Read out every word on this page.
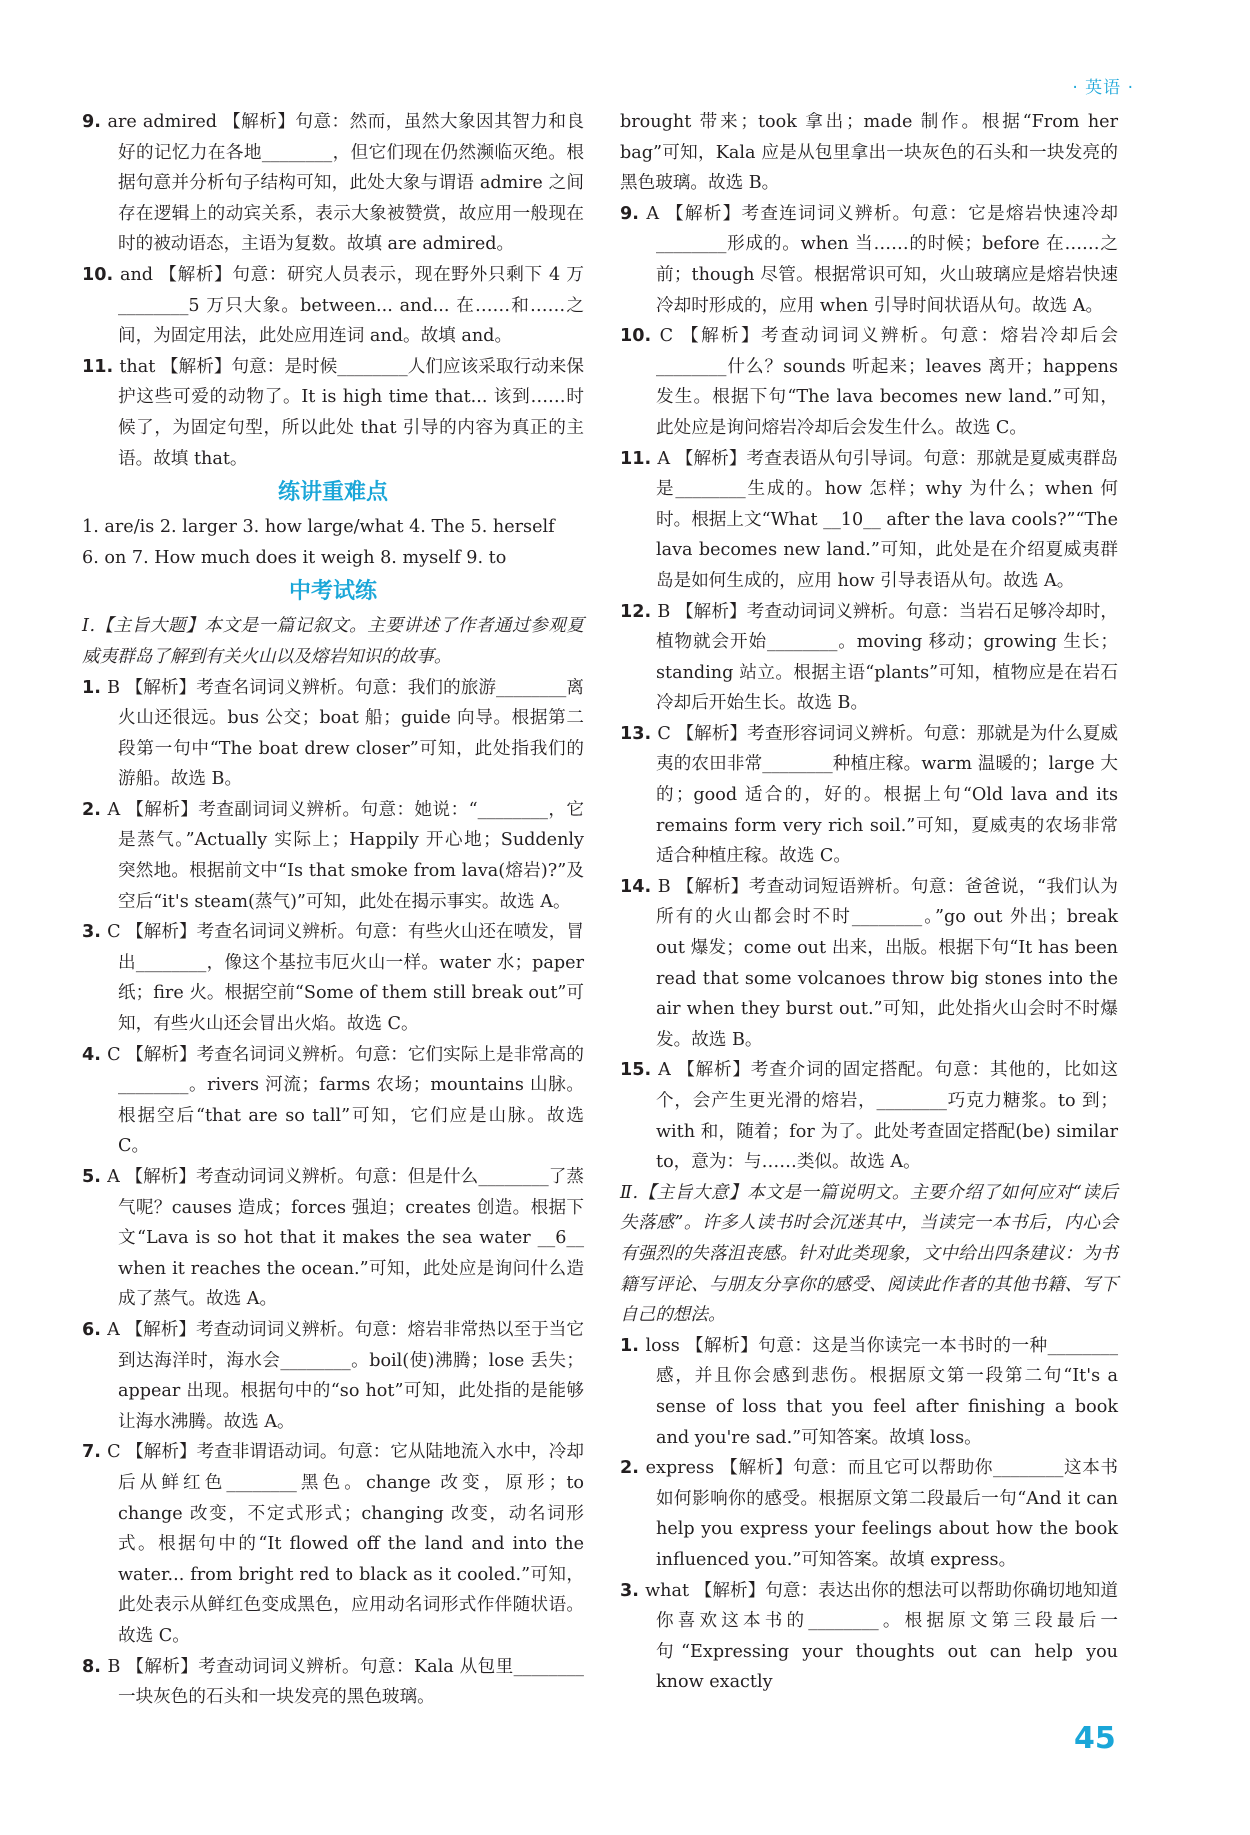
· 英语 ·
9. are admired 【解析】句意：然而，虽然大象因其智力和良好的记忆力在各地________，但它们现在仍然濒临灭绝。根据句意并分析句子结构可知，此处大象与谓语 admire 之间存在逻辑上的动宾关系，表示大象被赞赏，故应用一般现在时的被动语态，主语为复数。故填 are admired。
10. and 【解析】句意：研究人员表示，现在野外只剩下 4 万________5 万只大象。between... and... 在……和……之间，为固定用法，此处应用连词 and。故填 and。
11. that 【解析】句意：是时候________人们应该采取行动来保护这些可爱的动物了。It is high time that... 该到……时候了，为固定句型，所以此处 that 引导的内容为真正的主语。故填 that。
练讲重难点
1. are/is 2. larger 3. how large/what 4. The 5. herself
6. on 7. How much does it weigh 8. myself 9. to
中考试练
Ⅰ.【主旨大题】本文是一篇记叙文。主要讲述了作者通过参观夏威夷群岛了解到有关火山以及熔岩知识的故事。
1. B 【解析】考查名词词义辨析。句意：我们的旅游________离火山还很远。bus 公交；boat 船；guide 向导。根据第二段第一句中“The boat drew closer”可知，此处指我们的游船。故选 B。
2. A 【解析】考查副词词义辨析。句意：她说：“________，它是蒸气。”Actually 实际上；Happily 开心地；Suddenly 突然地。根据前文中“Is that smoke from lava(熔岩)?”及空后“it's steam(蒸气)”可知，此处在揭示事实。故选 A。
3. C 【解析】考查名词词义辨析。句意：有些火山还在喷发，冒出________，像这个基拉韦厄火山一样。water 水；paper 纸；fire 火。根据空前“Some of them still break out”可知，有些火山还会冒出火焰。故选 C。
4. C 【解析】考查名词词义辨析。句意：它们实际上是非常高的________。rivers 河流；farms 农场；mountains 山脉。根据空后“that are so tall”可知，它们应是山脉。故选 C。
5. A 【解析】考查动词词义辨析。句意：但是什么________了蒸气呢？causes 造成；forces 强迫；creates 创造。根据下文“Lava is so hot that it makes the sea water __6__ when it reaches the ocean.”可知，此处应是询问什么造成了蒸气。故选 A。
6. A 【解析】考查动词词义辨析。句意：熔岩非常热以至于当它到达海洋时，海水会________。boil(使)沸腾；lose 丢失；appear 出现。根据句中的“so hot”可知，此处指的是能够让海水沸腾。故选 A。
7. C 【解析】考查非谓语动词。句意：它从陆地流入水中，冷却后从鲜红色________黑色。change 改变，原形；to change 改变，不定式形式；changing 改变，动名词形式。根据句中的“It flowed off the land and into the water... from bright red to black as it cooled.”可知，此处表示从鲜红色变成黑色，应用动名词形式作伴随状语。故选 C。
8. B 【解析】考查动词词义辨析。句意：Kala 从包里________一块灰色的石头和一块发亮的黑色玻璃。
brought 带来；took 拿出；made 制作。根据“From her bag”可知，Kala 应是从包里拿出一块灰色的石头和一块发亮的黑色玻璃。故选 B。
9. A 【解析】考查连词词义辨析。句意：它是熔岩快速冷却________形成的。when 当……的时候；before 在……之前；though 尽管。根据常识可知，火山玻璃应是熔岩快速冷却时形成的，应用 when 引导时间状语从句。故选 A。
10. C 【解析】考查动词词义辨析。句意：熔岩冷却后会________什么？sounds 听起来；leaves 离开；happens 发生。根据下句“The lava becomes new land.”可知，此处应是询问熔岩冷却后会发生什么。故选 C。
11. A 【解析】考查表语从句引导词。句意：那就是夏威夷群岛是________生成的。how 怎样；why 为什么；when 何时。根据上文“What __10__ after the lava cools?”“The lava becomes new land.”可知，此处是在介绍夏威夷群岛是如何生成的，应用 how 引导表语从句。故选 A。
12. B 【解析】考查动词词义辨析。句意：当岩石足够冷却时，植物就会开始________。moving 移动；growing 生长；standing 站立。根据主语“plants”可知，植物应是在岩石冷却后开始生长。故选 B。
13. C 【解析】考查形容词词义辨析。句意：那就是为什么夏威夷的农田非常________种植庄稼。warm 温暖的；large 大的；good 适合的，好的。根据上句“Old lava and its remains form very rich soil.”可知，夏威夷的农场非常适合种植庄稼。故选 C。
14. B 【解析】考查动词短语辨析。句意：爸爸说，“我们认为所有的火山都会时不时________。”go out 外出；break out 爆发；come out 出来，出版。根据下句“It has been read that some volcanoes throw big stones into the air when they burst out.”可知，此处指火山会时不时爆发。故选 B。
15. A 【解析】考查介词的固定搭配。句意：其他的，比如这个，会产生更光滑的熔岩，________巧克力糖浆。to 到；with 和，随着；for 为了。此处考查固定搭配(be) similar to，意为：与……类似。故选 A。
Ⅱ.【主旨大意】本文是一篇说明文。主要介绍了如何应对“读后失落感”。许多人读书时会沉迷其中，当读完一本书后，内心会有强烈的失落沮丧感。针对此类现象，文中给出四条建议：为书籍写评论、与朋友分享你的感受、阅读此作者的其他书籍、写下自己的想法。
1. loss 【解析】句意：这是当你读完一本书时的一种________感，并且你会感到悲伤。根据原文第一段第二句“It's a sense of loss that you feel after finishing a book and you're sad.”可知答案。故填 loss。
2. express 【解析】句意：而且它可以帮助你________这本书如何影响你的感受。根据原文第二段最后一句“And it can help you express your feelings about how the book influenced you.”可知答案。故填 express。
3. what 【解析】句意：表达出你的想法可以帮助你确切地知道你喜欢这本书的________。根据原文第三段最后一句“Expressing your thoughts out can help you know exactly
45
